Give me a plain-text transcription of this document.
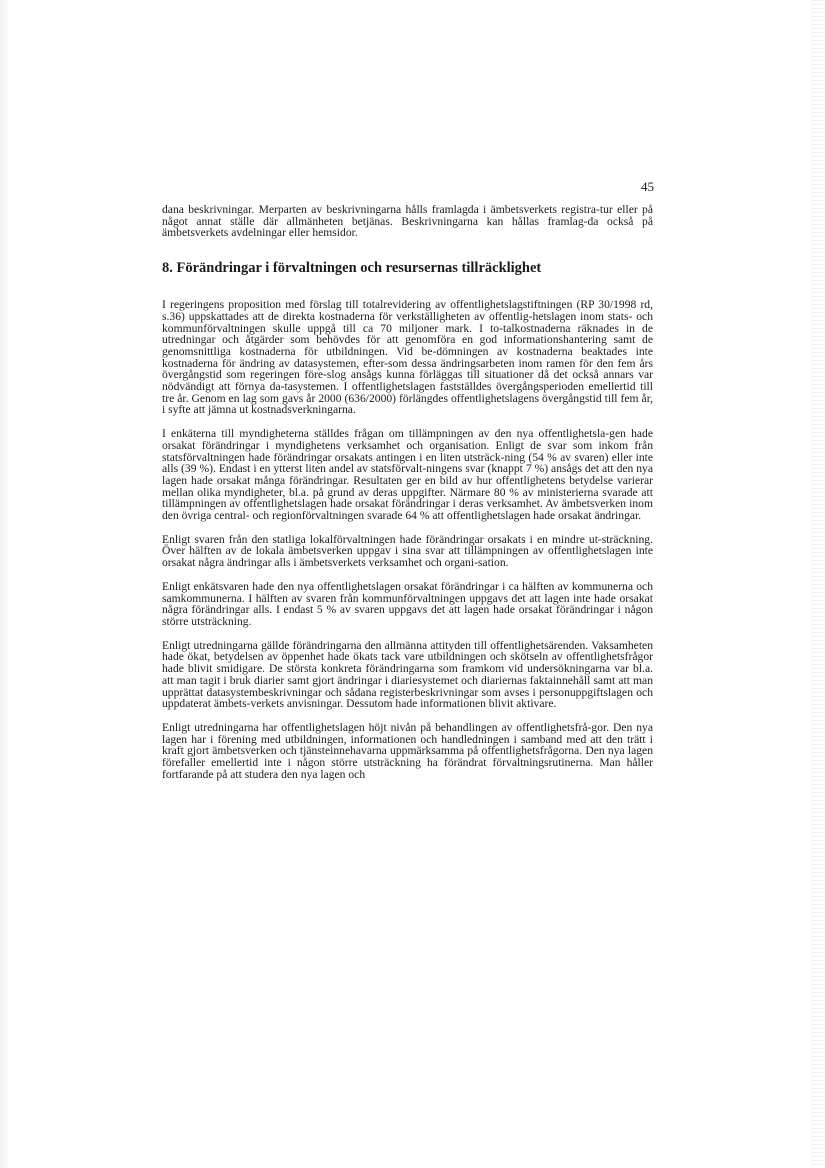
45

dana beskrivningar. Merparten av beskrivningarna hålls framlagda i ämbetsverkets registra-tur eller på något annat ställe där allmänheten betjänas. Beskrivningarna kan hållas framlag-da också på ämbetsverkets avdelningar eller hemsidor.

8. Förändringar i förvaltningen och resursernas tillräcklighet

I regeringens proposition med förslag till totalrevidering av offentlighetslagstiftningen (RP 30/1998 rd, s.36) uppskattades att de direkta kostnaderna för verkställigheten av offentlig-hetslagen inom stats- och kommunförvaltningen skulle uppgå till ca 70 miljoner mark. I to-talkostnaderna räknades in de utredningar och åtgärder som behövdes för att genomföra en god informationshantering samt de genomsnittliga kostnaderna för utbildningen. Vid be-dömningen av kostnaderna beaktades inte kostnaderna för ändring av datasystemen, efter-som dessa ändringsarbeten inom ramen för den fem års övergångstid som regeringen före-slog ansågs kunna förläggas till situationer då det också annars var nödvändigt att förnya da-tasystemen. I offentlighetslagen fastställdes övergångsperioden emellertid till tre år. Genom en lag som gavs år 2000 (636/2000) förlängdes offentlighetslagens övergångstid till fem år, i syfte att jämna ut kostnadsverkningarna.

I enkäterna till myndigheterna ställdes frågan om tillämpningen av den nya offentlighetsla-gen hade orsakat förändringar i myndighetens verksamhet och organisation. Enligt de svar som inkom från statsförvaltningen hade förändringar orsakats antingen i en liten utsträck-ning (54 % av svaren) eller inte alls (39 %). Endast i en ytterst liten andel av statsförvalt-ningens svar (knappt 7 %) ansågs det att den nya lagen hade orsakat många förändringar. Resultaten ger en bild av hur offentlighetens betydelse varierar mellan olika myndigheter, bl.a. på grund av deras uppgifter. Närmare 80 % av ministerierna svarade att tillämpningen av offentlighetslagen hade orsakat förändringar i deras verksamhet. Av ämbetsverken inom den övriga central- och regionförvaltningen svarade 64 % att offentlighetslagen hade orsakat ändringar.

Enligt svaren från den statliga lokalförvaltningen hade förändringar orsakats i en mindre ut-sträckning. Över hälften av de lokala ämbetsverken uppgav i sina svar att tillämpningen av offentlighetslagen inte orsakat några ändringar alls i ämbetsverkets verksamhet och organi-sation.

Enligt enkätsvaren hade den nya offentlighetslagen orsakat förändringar i ca hälften av kommunerna och samkommunerna. I hälften av svaren från kommunförvaltningen uppgavs det att lagen inte hade orsakat några förändringar alls. I endast 5 % av svaren uppgavs det att lagen hade orsakat förändringar i någon större utsträckning.

Enligt utredningarna gällde förändringarna den allmänna attityden till offentlighetsärenden. Vaksamheten hade ökat, betydelsen av öppenhet hade ökats tack vare utbildningen och skötseln av offentlighetsfrågor hade blivit smidigare. De största konkreta förändringarna som framkom vid undersökningarna var bl.a. att man tagit i bruk diarier samt gjort ändringar i diariesystemet och diariernas faktainnehåll samt att man upprättat datasystembeskrivningar och sådana registerbeskrivningar som avses i personuppgiftslagen och uppdaterat ämbets-verkets anvisningar. Dessutom hade informationen blivit aktivare.

Enligt utredningarna har offentlighetslagen höjt nivån på behandlingen av offentlighetsfrå-gor. Den nya lagen har i förening med utbildningen, informationen och handledningen i samband med att den trätt i kraft gjort ämbetsverken och tjänsteinnehavarna uppmärksamma på offentlighetsfrågorna. Den nya lagen förefaller emellertid inte i någon större utsträckning ha förändrat förvaltningsrutinerna. Man håller fortfarande på att studera den nya lagen och
